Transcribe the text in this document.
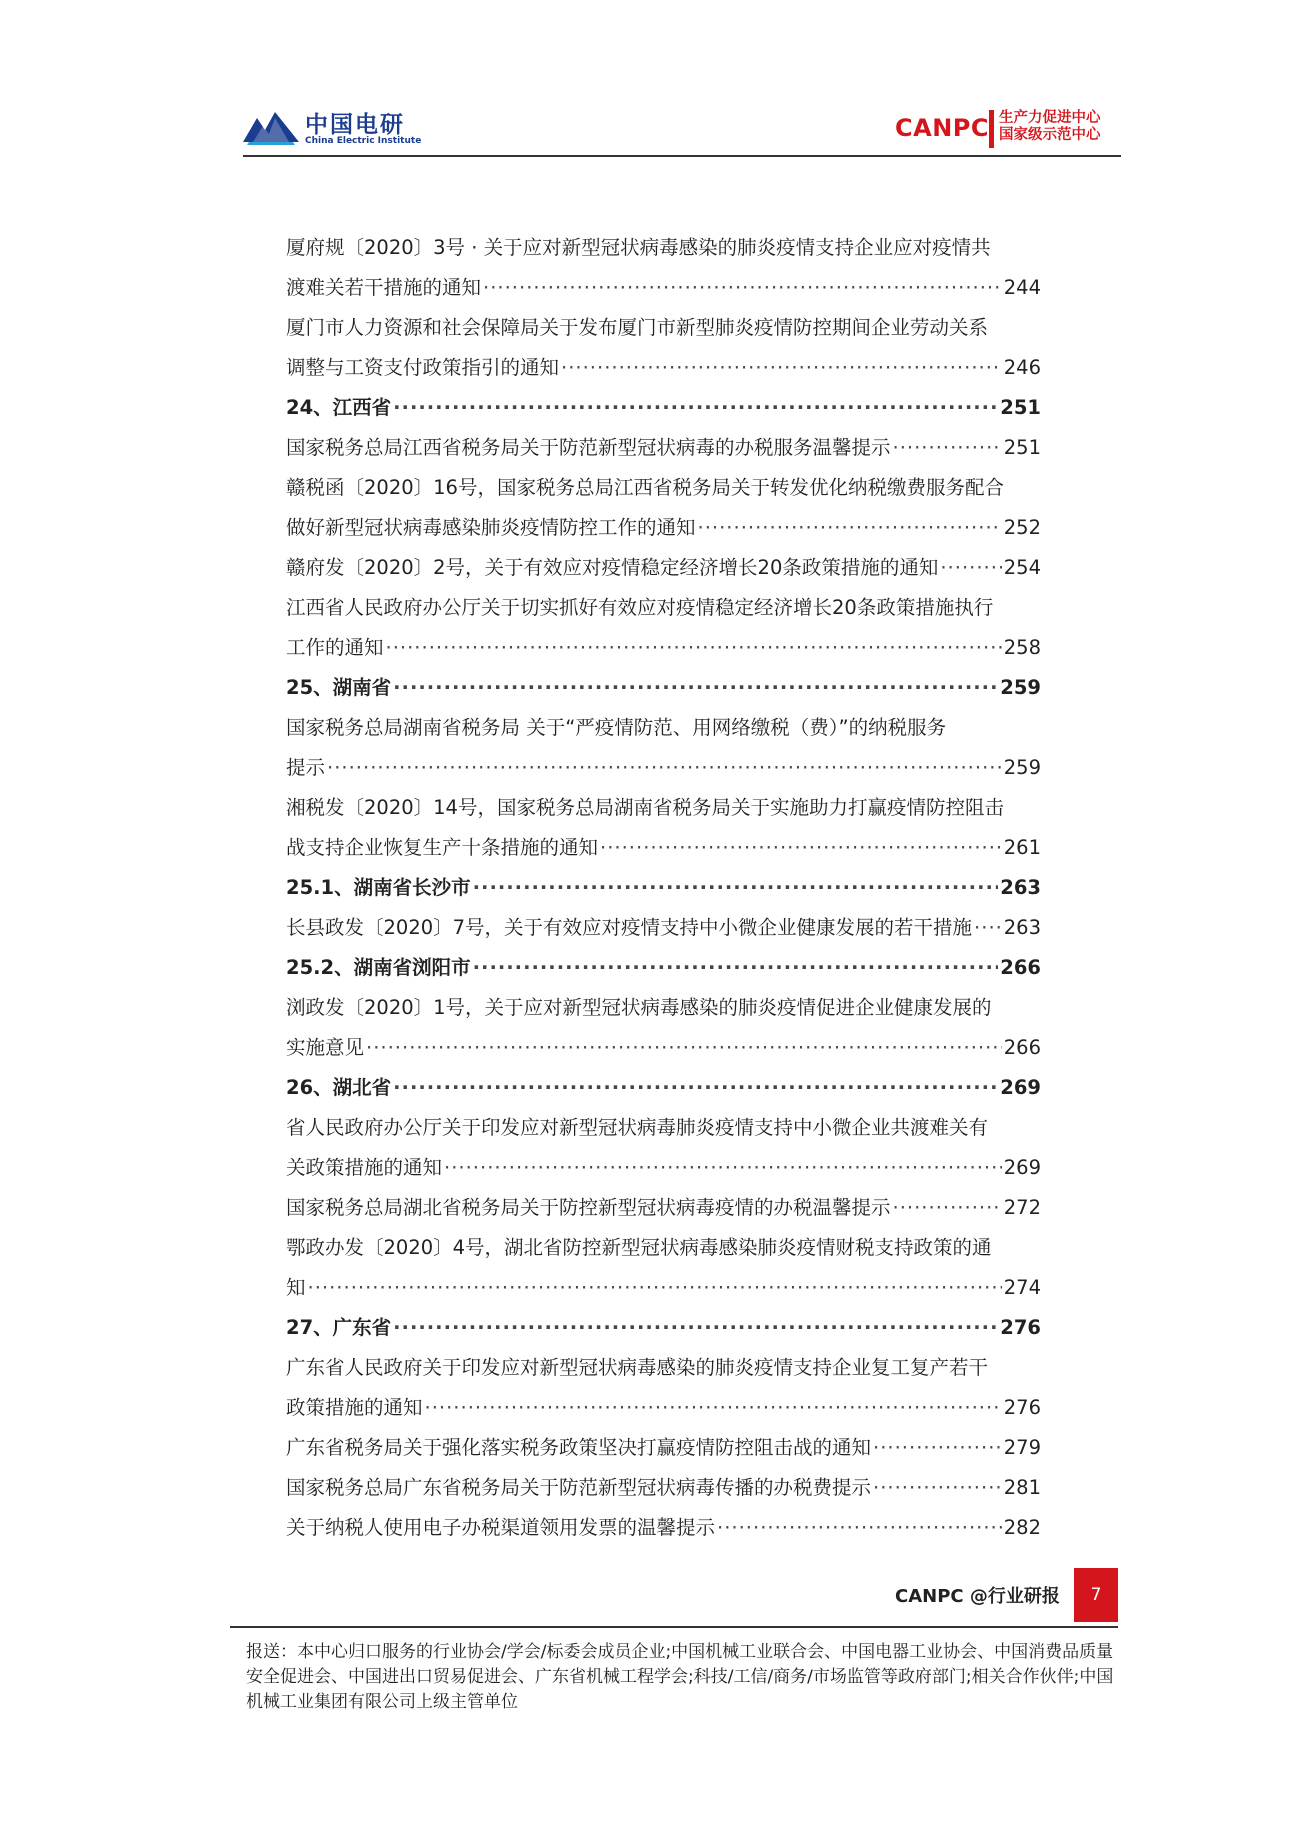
中国电研
China Electric Institute	CANPC 生产力促进中心
国家级示范中心
厦府规〔2020〕3号 · 关于应对新型冠状病毒感染的肺炎疫情支持企业应对疫情共
渡难关若干措施的通知 ·····	244
厦门市人力资源和社会保障局关于发布厦门市新型肺炎疫情防控期间企业劳动关系
调整与工资支付政策指引的通知 ·····	246
24、江西省 ·····	251
国家税务总局江西省税务局关于防范新型冠状病毒的办税服务温馨提示 ·····	251
赣税函〔2020〕16号，国家税务总局江西省税务局关于转发优化纳税缴费服务配合
做好新型冠状病毒感染肺炎疫情防控工作的通知 ·····	252
赣府发〔2020〕2号，关于有效应对疫情稳定经济增长20条政策措施的通知 ·····	254
江西省人民政府办公厅关于切实抓好有效应对疫情稳定经济增长20条政策措施执行
工作的通知 ·····	258
25、湖南省 ·····	259
国家税务总局湖南省税务局 关于“严疫情防范、用网络缴税（费）”的纳税服务
提示 ·····	259
湘税发〔2020〕14号，国家税务总局湖南省税务局关于实施助力打赢疫情防控阻击
战支持企业恢复生产十条措施的通知 ·····	261
25.1、湖南省长沙市 ·····	263
长县政发〔2020〕7号，关于有效应对疫情支持中小微企业健康发展的若干措施 ····· 263
25.2、湖南省浏阳市 ·····	266
浏政发〔2020〕1号，关于应对新型冠状病毒感染的肺炎疫情促进企业健康发展的
实施意见 ·····	266
26、湖北省 ·····	269
省人民政府办公厅关于印发应对新型冠状病毒肺炎疫情支持中小微企业共渡难关有
关政策措施的通知 ·····	269
国家税务总局湖北省税务局关于防控新型冠状病毒疫情的办税温馨提示 ·····	272
鄂政办发〔2020〕4号，湖北省防控新型冠状病毒感染肺炎疫情财税支持政策的通
知 ·····	274
27、广东省 ·····	276
广东省人民政府关于印发应对新型冠状病毒感染的肺炎疫情支持企业复工复产若干
政策措施的通知 ·····	276
广东省税务局关于强化落实税务政策坚决打赢疫情防控阻击战的通知 ·····	279
国家税务总局广东省税务局关于防范新型冠状病毒传播的办税费提示 ·····	281
关于纳税人使用电子办税渠道领用发票的温馨提示 ·····	282
CANPC @行业研报	7
报送：本中心归口服务的行业协会/学会/标委会成员企业;中国机械工业联合会、中国电器工业协会、中国消费品质量安全促进会、中国进出口贸易促进会、广东省机械工程学会;科技/工信/商务/市场监管等政府部门;相关合作伙伴;中国机械工业集团有限公司上级主管单位
